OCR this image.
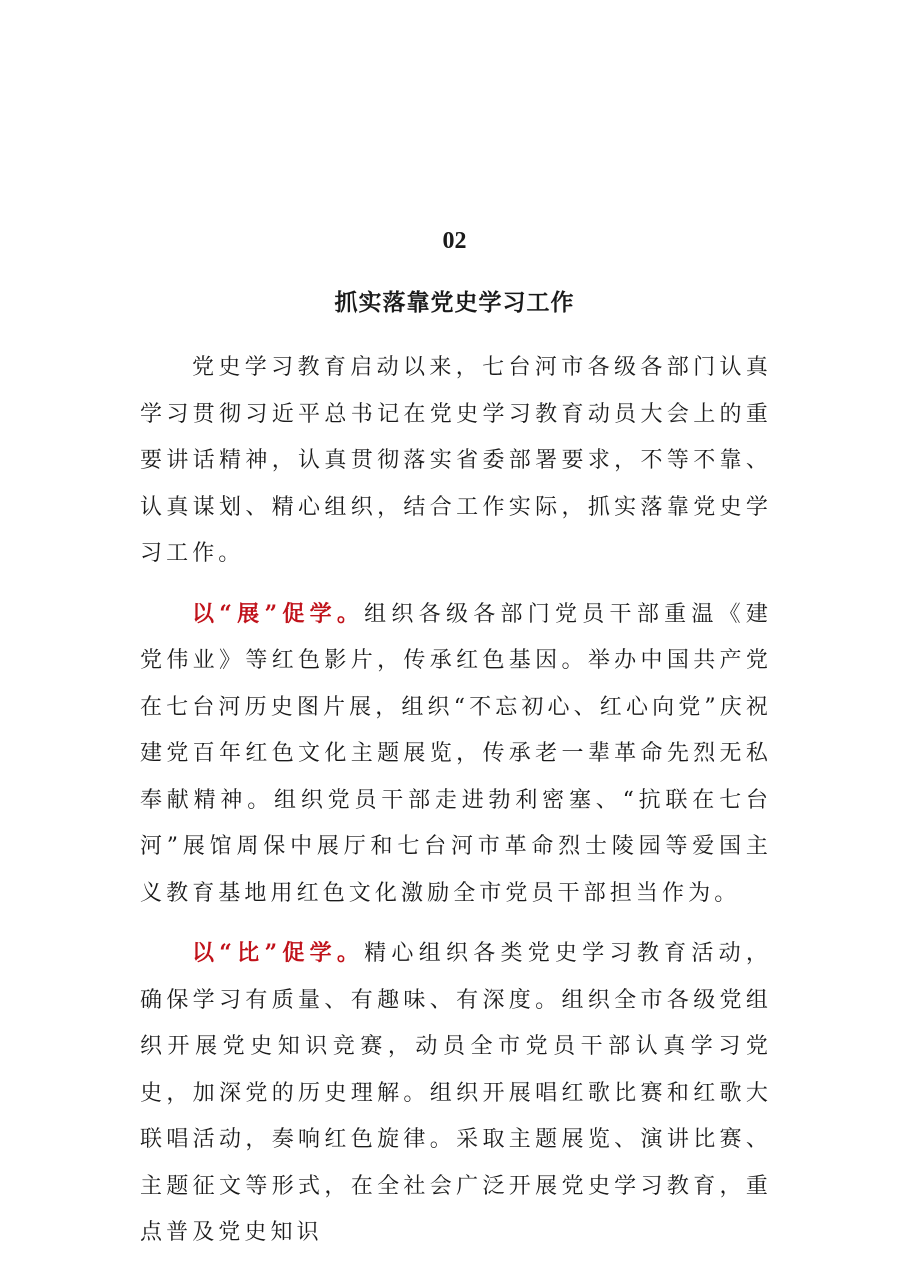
02
抓实落靠党史学习工作

党史学习教育启动以来，七台河市各级各部门认真学习贯彻习近平总书记在党史学习教育动员大会上的重要讲话精神，认真贯彻落实省委部署要求，不等不靠、认真谋划、精心组织，结合工作实际，抓实落靠党史学习工作。

以“展”促学。组织各级各部门党员干部重温《建党伟业》等红色影片，传承红色基因。举办中国共产党在七台河历史图片展，组织“不忘初心、红心向党”庆祝建党百年红色文化主题展览，传承老一辈革命先烈无私奉献精神。组织党员干部走进勃利密塞、“抗联在七台河”展馆周保中展厅和七台河市革命烈士陵园等爱国主义教育基地用红色文化激励全市党员干部担当作为。

以“比”促学。精心组织各类党史学习教育活动，确保学习有质量、有趣味、有深度。组织全市各级党组织开展党史知识竞赛，动员全市党员干部认真学习党史，加深党的历史理解。组织开展唱红歌比赛和红歌大联唱活动，奏响红色旋律。采取主题展览、演讲比赛、主题征文等形式，在全社会广泛开展党史学习教育，重点普及党史知识
